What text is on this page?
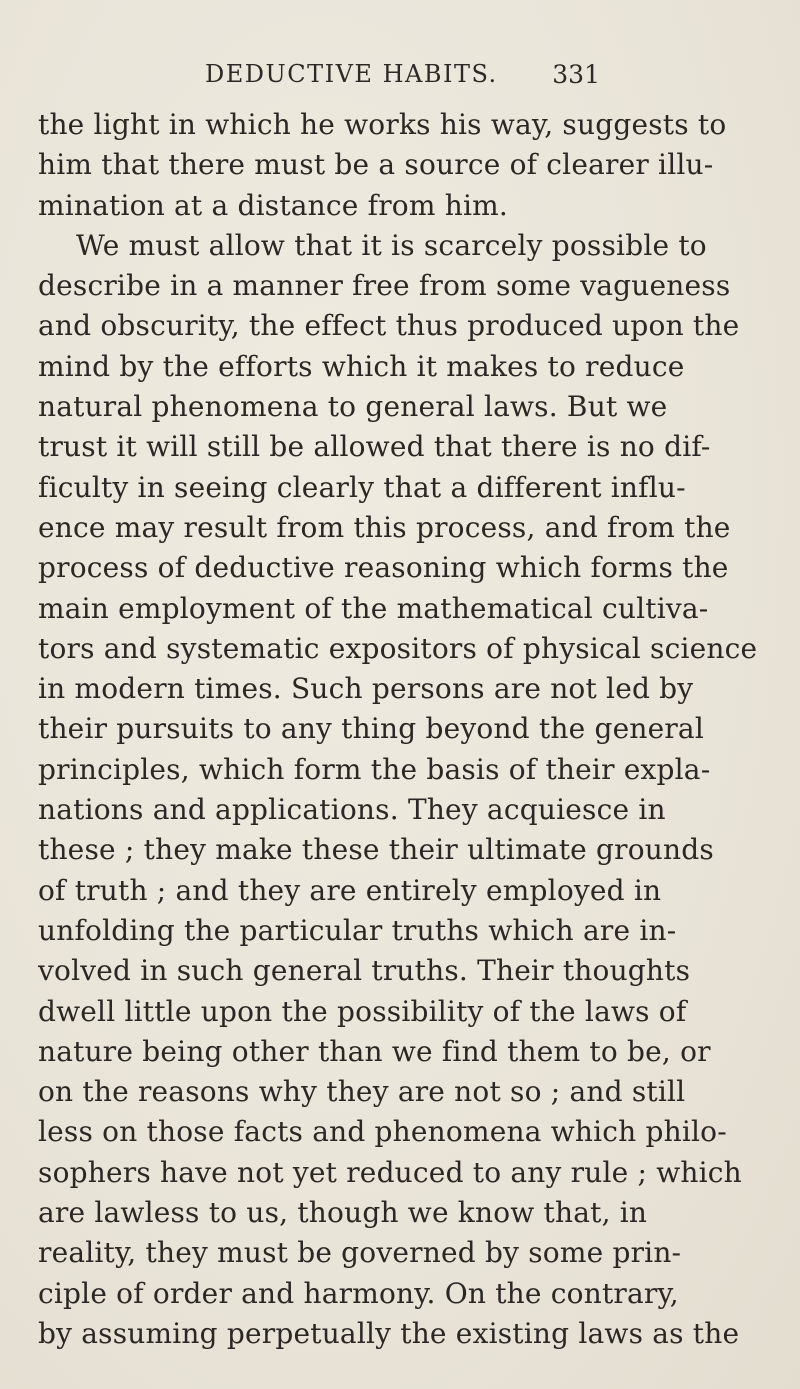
DEDUCTIVE HABITS. 331
the light in which he works his way, suggests to
him that there must be a source of clearer illu-
mination at a distance from him.
We must allow that it is scarcely possible to
describe in a manner free from some vagueness
and obscurity, the effect thus produced upon the
mind by the efforts which it makes to reduce
natural phenomena to general laws. But we
trust it will still be allowed that there is no dif-
ficulty in seeing clearly that a different influ-
ence may result from this process, and from the
process of deductive reasoning which forms the
main employment of the mathematical cultiva-
tors and systematic expositors of physical science
in modern times. Such persons are not led by
their pursuits to any thing beyond the general
principles, which form the basis of their expla-
nations and applications. They acquiesce in
these ; they make these their ultimate grounds
of truth ; and they are entirely employed in
unfolding the particular truths which are in-
volved in such general truths. Their thoughts
dwell little upon the possibility of the laws of
nature being other than we find them to be, or
on the reasons why they are not so ; and still
less on those facts and phenomena which philo-
sophers have not yet reduced to any rule ; which
are lawless to us, though we know that, in
reality, they must be governed by some prin-
ciple of order and harmony. On the contrary,
by assuming perpetually the existing laws as the
